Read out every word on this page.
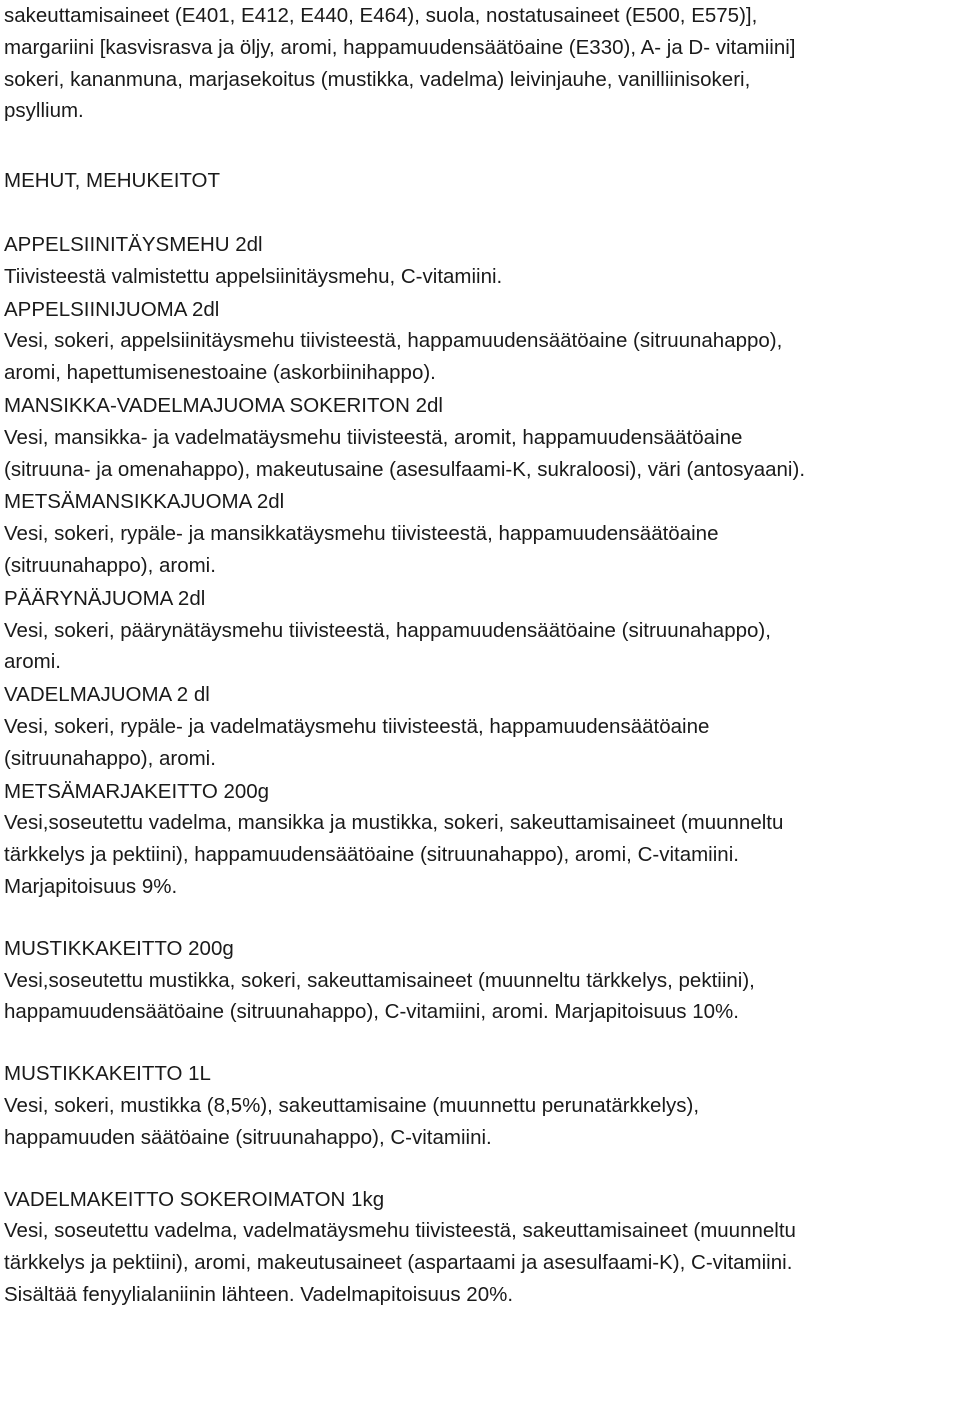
sakeuttamisaineet (E401, E412, E440, E464), suola, nostatusaineet (E500, E575)],
margariini [kasvisrasva ja öljy, aromi, happamuudensäätöaine (E330), A- ja D- vitamiini]
sokeri, kananmuna, marjasekoitus (mustikka, vadelma) leivinjauhe, vanilliinisokeri,
psyllium.

MEHUT, MEHUKEITOT

APPELSIINITÄYSMEHU 2dl

Tiivisteestä valmistettu appelsiinitäysmehu, C-vitamiini.

APPELSIINIJUOMA 2dl

Vesi, sokeri, appelsiinitäysmehu tiivisteestä, happamuudensäätöaine (sitruunahappo),
aromi, hapettumisenestoaine (askorbiinihappo).

MANSIKKA-VADELMAJUOMA SOKERITON 2dl

Vesi, mansikka- ja vadelmatäysmehu tiivisteestä, aromit, happamuudensäätöaine
(sitruuna- ja omenahappo), makeutusaine (asesulfaami-K, sukraloosi), väri (antosyaani).

METSÄMANSIKKAJUOMA 2dl

Vesi, sokeri, rypäle- ja mansikkatäysmehu tiivisteestä, happamuudensäätöaine
(sitruunahappo), aromi.

PÄÄRYNÄJUOMA 2dl

Vesi, sokeri, päärynätäysmehu tiivisteestä, happamuudensäätöaine (sitruunahappo),
aromi.

VADELMAJUOMA 2 dl

Vesi, sokeri, rypäle- ja vadelmatäysmehu tiivisteestä, happamuudensäätöaine
(sitruunahappo), aromi.

METSÄMARJAKEITTO 200g

Vesi,soseutettu vadelma, mansikka ja mustikka, sokeri, sakeuttamisaineet (muunneltu
tärkkelys ja pektiini), happamuudensäätöaine (sitruunahappo), aromi, C-vitamiini.
Marjapitoisuus 9%.

MUSTIKKAKEITTO 200g

Vesi,soseutettu mustikka, sokeri, sakeuttamisaineet (muunneltu tärkkelys, pektiini),
happamuudensäätöaine (sitruunahappo), C-vitamiini, aromi. Marjapitoisuus 10%.

MUSTIKKAKEITTO 1L

Vesi, sokeri, mustikka (8,5%), sakeuttamisaine (muunnettu perunatärkkelys),
happamuuden säätöaine (sitruunahappo), C-vitamiini.

VADELMAKEITTO SOKEROIMATON 1kg

Vesi, soseutettu vadelma, vadelmatäysmehu tiivisteestä, sakeuttamisaineet (muunneltu
tärkkelys ja pektiini), aromi, makeutusaineet (aspartaami ja asesulfaami-K), C-vitamiini.
Sisältää fenyylialaniinin lähteen. Vadelmapitoisuus 20%.
